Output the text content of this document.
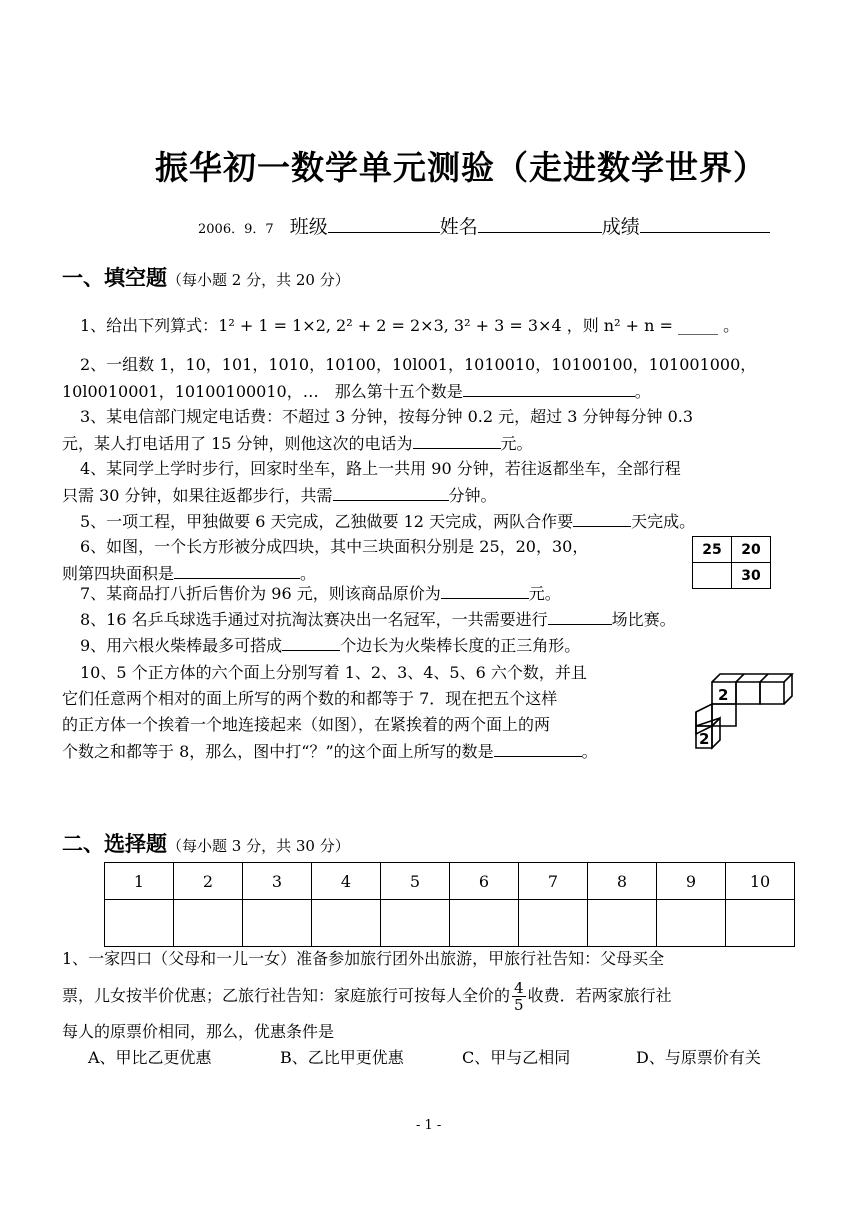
振华初一数学单元测验（走进数学世界）
2006．9．7 班级	姓名	成绩
一、填空题（每小题 2 分，共 20 分）
1、给出下列算式：1² + 1 = 1×2, 2² + 2 = 2×3, 3² + 3 = 3×4 ，则 n² + n = _____ 。

2、一组数 1，10，101，1010，10100，10l001，1010010，10100100，101001000，

10l0010001，10100100010，…　那么第十五个数是	。

3、某电信部门规定电话费：不超过 3 分钟，按每分钟 0.2 元，超过 3 分钟每分钟 0.3

元，某人打电话用了 15 分钟，则他这次的电话为	元。

4、某同学上学时步行，回家时坐车，路上一共用 90 分钟，若往返都坐车，全部行程

只需 30 分钟，如果往返都步行，共需	分钟。

5、一项工程，甲独做要 6 天完成，乙独做要 12 天完成，两队合作要	天完成。

6、如图，一个长方形被分成四块，其中三块面积分别是 25，20，30，

则第四块面积是	。

25	20
	30

7、某商品打八折后售价为 96 元，则该商品原价为	元。

8、16 名乒乓球选手通过对抗淘汰赛决出一名冠军，一共需要进行	场比赛。

9、用六根火柴棒最多可搭成	个边长为火柴棒长度的正三角形。

10、5 个正方体的六个面上分别写着 1、2、3、4、5、6 六个数，并且

它们任意两个相对的面上所写的两个数的和都等于 7．现在把五个这样

的正方体一个挨着一个地连接起来（如图），在紧挨着的两个面上的两

个数之和都等于 8，那么，图中打“？”的这个面上所写的数是	。

2
2
二、选择题（每小题 3 分，共 30 分）
1	2	3	4	5	6	7	8	9	10

1、一家四口（父母和一儿一女）准备参加旅行团外出旅游，甲旅行社告知：父母买全

票，儿女按半价优惠；乙旅行社告知：家庭旅行可按每人全价的 $\frac{4}{5}$ 收费．若两家旅行社

每人的原票价相同，那么，优惠条件是

A、甲比乙更优惠	B、乙比甲更优惠	C、甲与乙相同	D、与原票价有关

- 1 -
